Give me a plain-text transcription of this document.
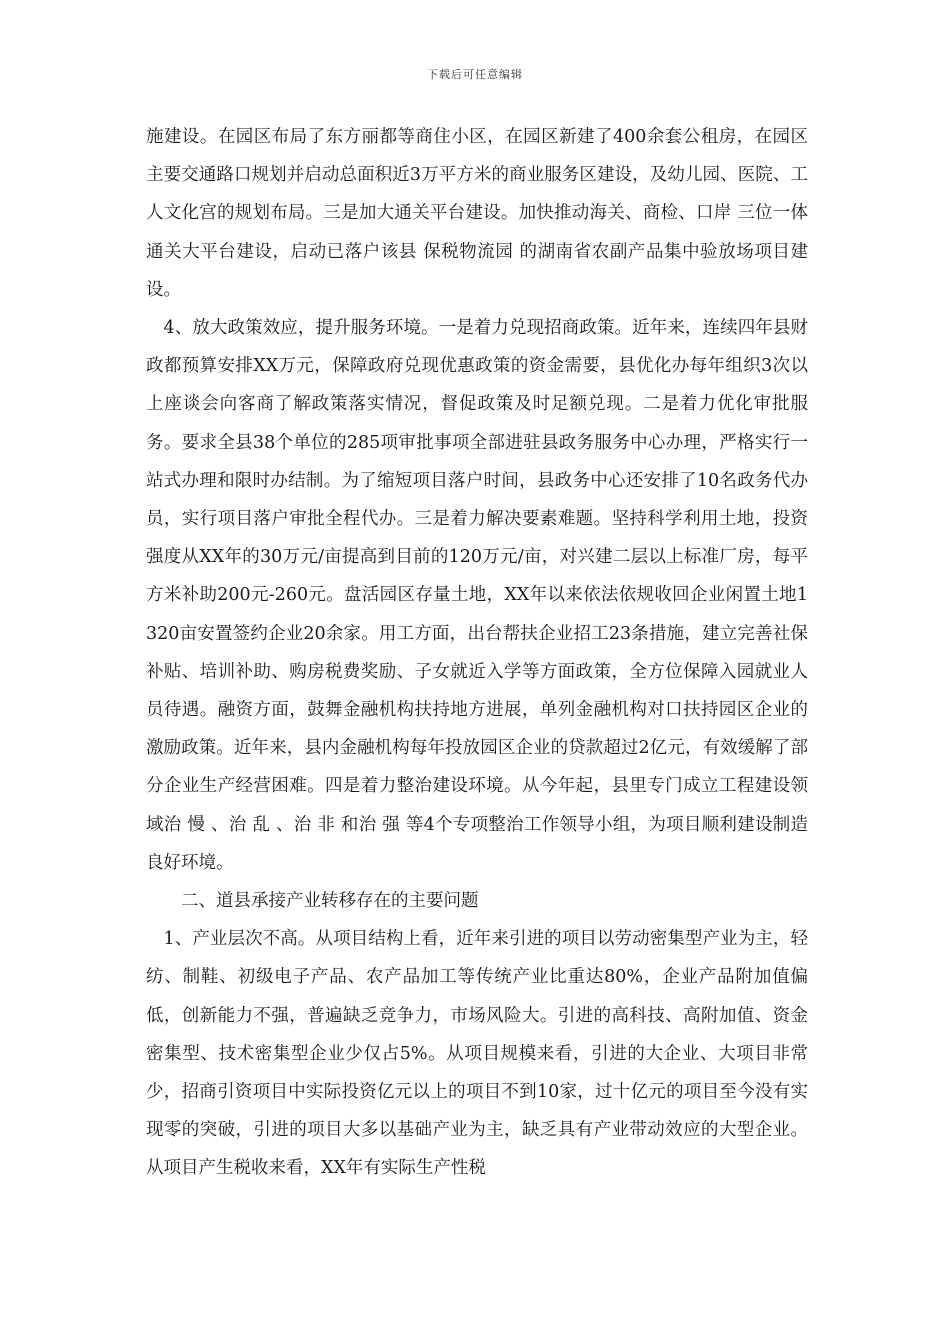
下载后可任意编辑

施建设。在园区布局了东方丽都等商住小区，在园区新建了400余套公租房，在园区主要交通路口规划并启动总面积近3万平方米的商业服务区建设，及幼儿园、医院、工人文化宫的规划布局。三是加大通关平台建设。加快推动海关、商检、口岸 三位一体 通关大平台建设，启动已落户该县 保税物流园 的湖南省农副产品集中验放场项目建设。

4、放大政策效应，提升服务环境。一是着力兑现招商政策。近年来，连续四年县财政都预算安排XX万元，保障政府兑现优惠政策的资金需要，县优化办每年组织3次以上座谈会向客商了解政策落实情况，督促政策及时足额兑现。二是着力优化审批服务。要求全县38个单位的285项审批事项全部进驻县政务服务中心办理，严格实行一站式办理和限时办结制。为了缩短项目落户时间，县政务中心还安排了10名政务代办员，实行项目落户审批全程代办。三是着力解决要素难题。坚持科学利用土地，投资强度从XX年的30万元/亩提高到目前的120万元/亩，对兴建二层以上标准厂房，每平方米补助200元-260元。盘活园区存量土地，XX年以来依法依规收回企业闲置土地1320亩安置签约企业20余家。用工方面，出台帮扶企业招工23条措施，建立完善社保补贴、培训补助、购房税费奖励、子女就近入学等方面政策，全方位保障入园就业人员待遇。融资方面，鼓舞金融机构扶持地方进展，单列金融机构对口扶持园区企业的激励政策。近年来，县内金融机构每年投放园区企业的贷款超过2亿元，有效缓解了部分企业生产经营困难。四是着力整治建设环境。从今年起，县里专门成立工程建设领域治 慢 、治 乱 、治 非 和治 强 等4个专项整治工作领导小组，为项目顺利建设制造良好环境。

二、道县承接产业转移存在的主要问题

1、产业层次不高。从项目结构上看，近年来引进的项目以劳动密集型产业为主，轻纺、制鞋、初级电子产品、农产品加工等传统产业比重达80%，企业产品附加值偏低，创新能力不强，普遍缺乏竞争力，市场风险大。引进的高科技、高附加值、资金密集型、技术密集型企业少仅占5%。从项目规模来看，引进的大企业、大项目非常少，招商引资项目中实际投资亿元以上的项目不到10家，过十亿元的项目至今没有实现零的突破，引进的项目大多以基础产业为主，缺乏具有产业带动效应的大型企业。从项目产生税收来看，XX年有实际生产性税
